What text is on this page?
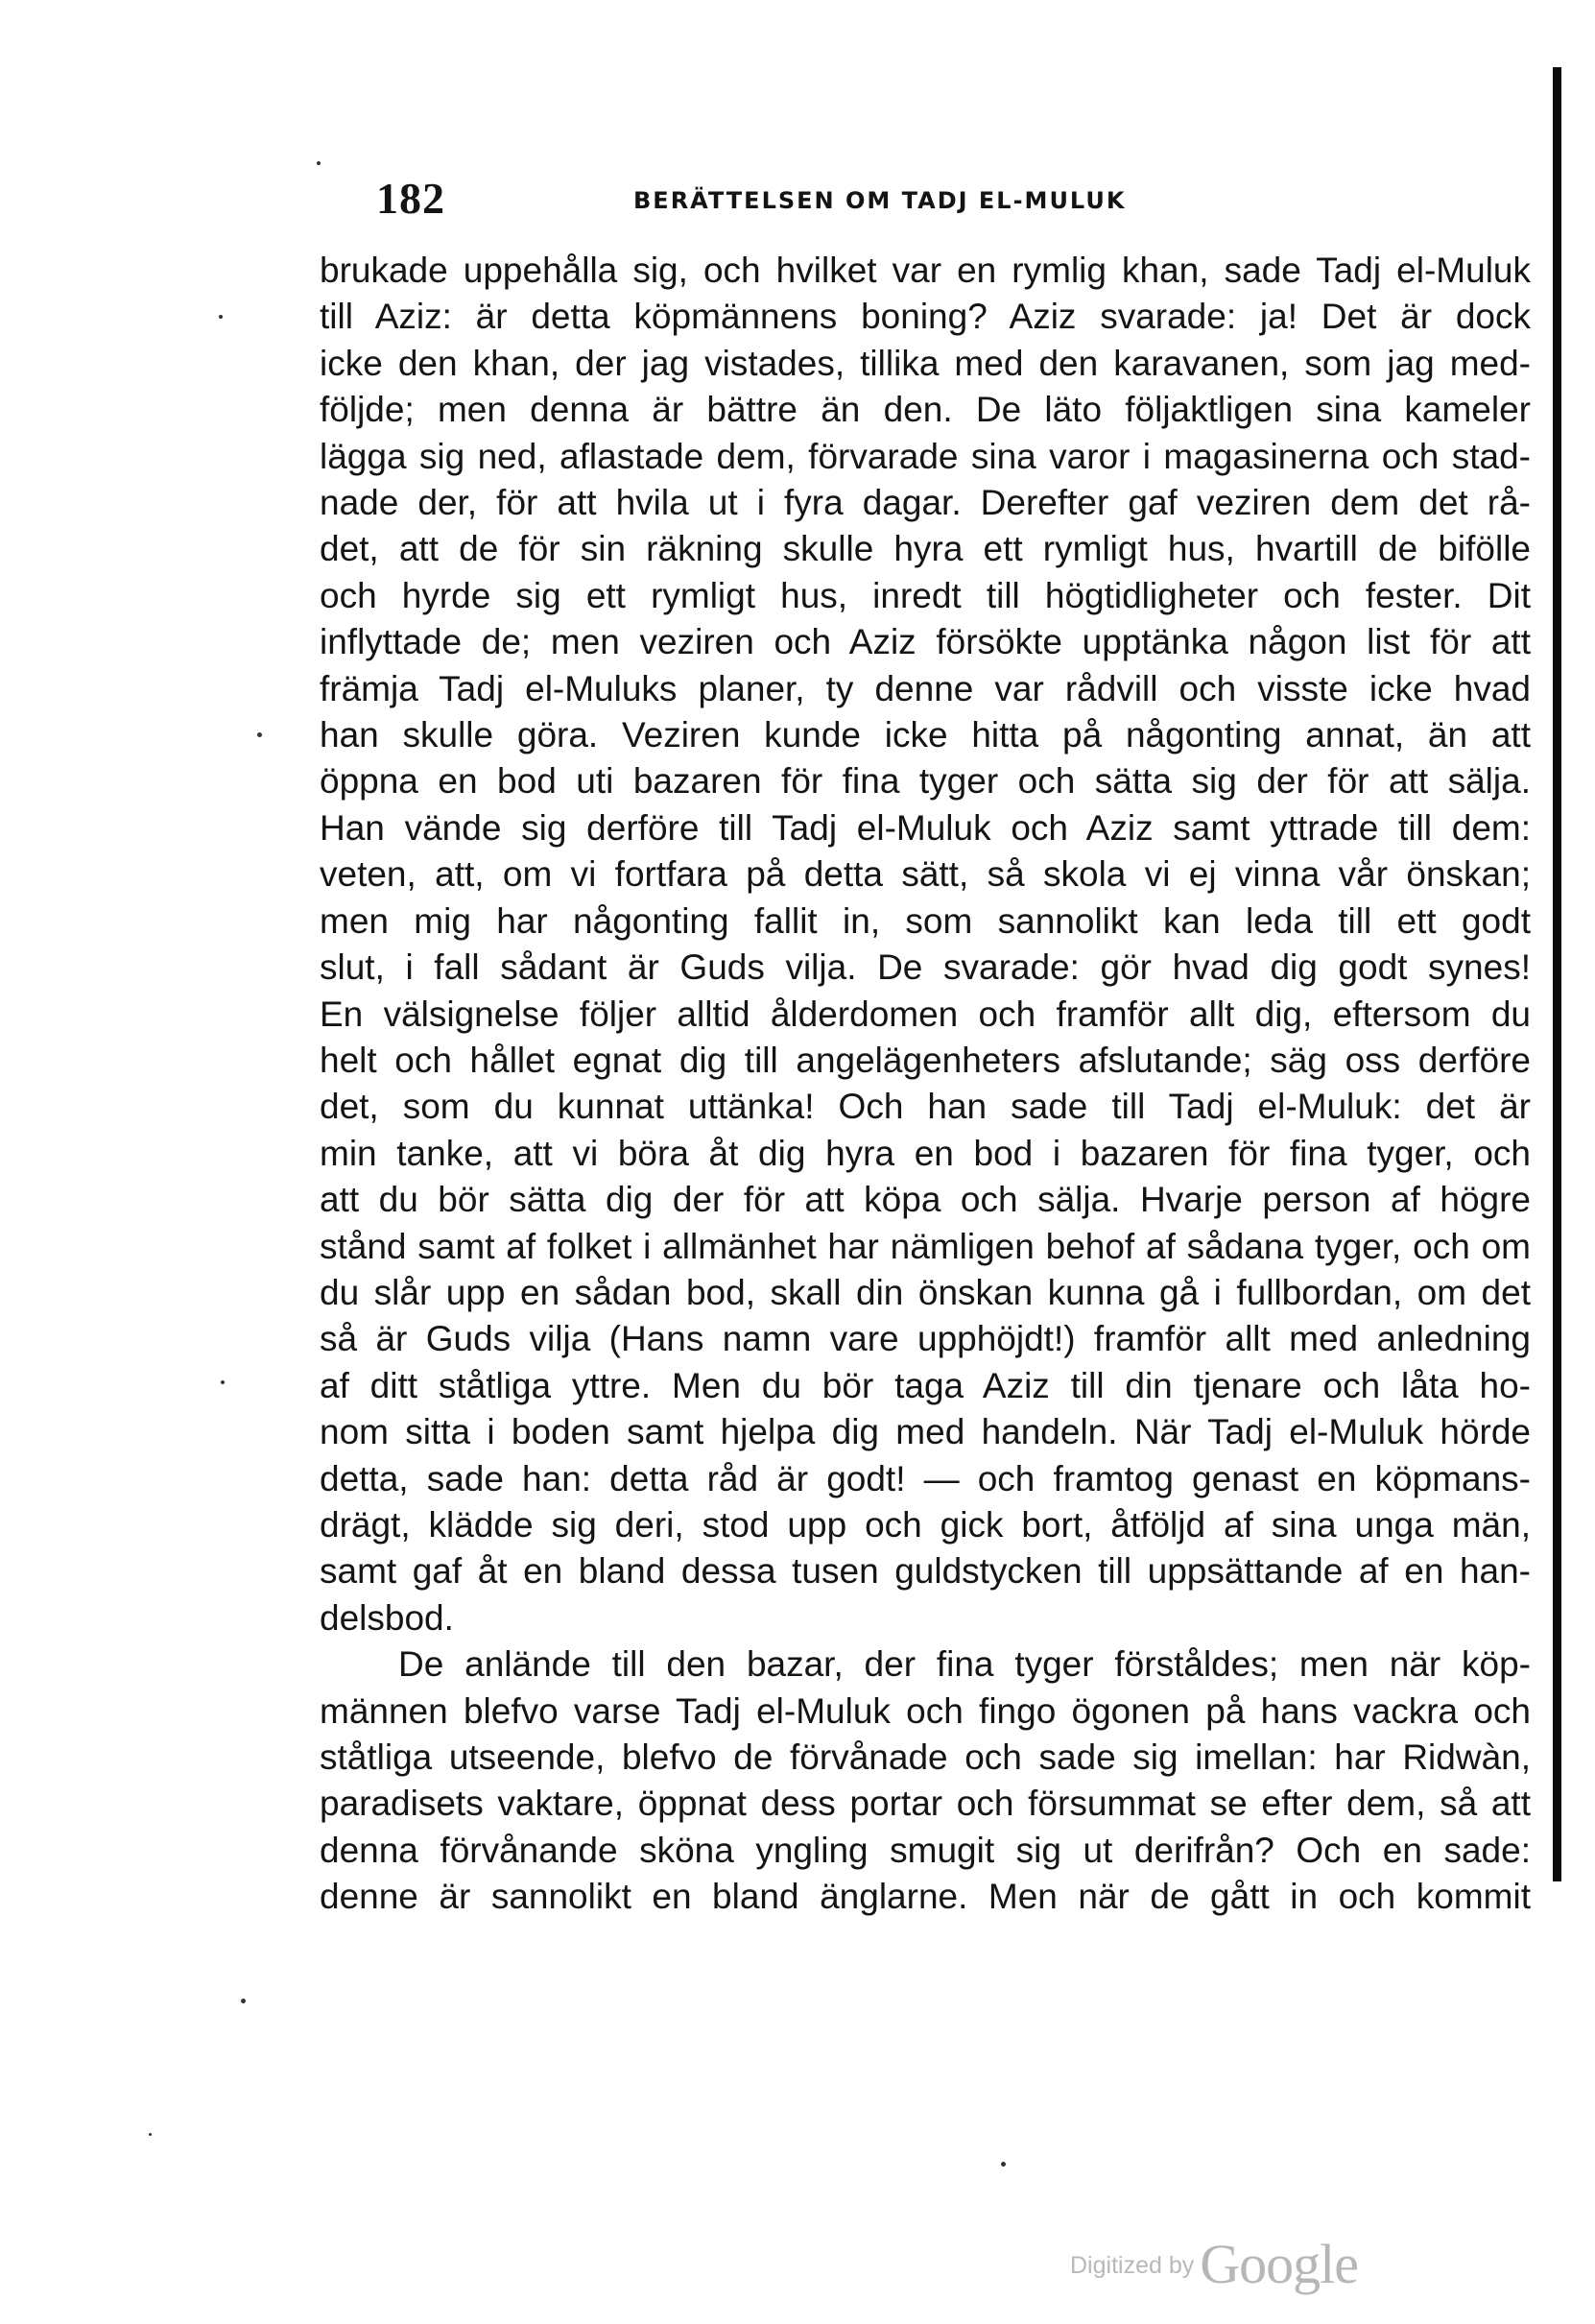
182	BERÄTTELSEN OM TADJ EL-MULUK
brukade uppehålla sig, och hvilket var en rymlig khan, sade Tadj el-Muluk
till Aziz: är detta köpmännens boning? Aziz svarade: ja! Det är dock
icke den khan, der jag vistades, tillika med den karavanen, som jag med-
följde; men denna är bättre än den. De läto följaktligen sina kameler
lägga sig ned, aflastade dem, förvarade sina varor i magasinerna och stad-
nade der, för att hvila ut i fyra dagar. Derefter gaf veziren dem det rå-
det, att de för sin räkning skulle hyra ett rymligt hus, hvartill de bifölle
och hyrde sig ett rymligt hus, inredt till högtidligheter och fester. Dit
inflyttade de; men veziren och Aziz försökte upptänka någon list för att
främja Tadj el-Muluks planer, ty denne var rådvill och visste icke hvad
han skulle göra. Veziren kunde icke hitta på någonting annat, än att
öppna en bod uti bazaren för fina tyger och sätta sig der för att sälja.
Han vände sig derföre till Tadj el-Muluk och Aziz samt yttrade till dem:
veten, att, om vi fortfara på detta sätt, så skola vi ej vinna vår önskan;
men mig har någonting fallit in, som sannolikt kan leda till ett godt
slut, i fall sådant är Guds vilja. De svarade: gör hvad dig godt synes!
En välsignelse följer alltid ålderdomen och framför allt dig, eftersom du
helt och hållet egnat dig till angelägenheters afslutande; säg oss derföre
det, som du kunnat uttänka! Och han sade till Tadj el-Muluk: det är
min tanke, att vi böra åt dig hyra en bod i bazaren för fina tyger, och
att du bör sätta dig der för att köpa och sälja. Hvarje person af högre
stånd samt af folket i allmänhet har nämligen behof af sådana tyger, och om
du slår upp en sådan bod, skall din önskan kunna gå i fullbordan, om det
så är Guds vilja (Hans namn vare upphöjdt!) framför allt med anledning
af ditt ståtliga yttre. Men du bör taga Aziz till din tjenare och låta ho-
nom sitta i boden samt hjelpa dig med handeln. När Tadj el-Muluk hörde
detta, sade han: detta råd är godt! — och framtog genast en köpmans-
drägt, klädde sig deri, stod upp och gick bort, åtföljd af sina unga män,
samt gaf åt en bland dessa tusen guldstycken till uppsättande af en han-
delsbod.
De anlände till den bazar, der fina tyger förståldes; men när köp-
männen blefvo varse Tadj el-Muluk och fingo ögonen på hans vackra och
ståtliga utseende, blefvo de förvånade och sade sig imellan: har Ridwàn,
paradisets vaktare, öppnat dess portar och försummat se efter dem, så att
denna förvånande sköna yngling smugit sig ut derifrån? Och en sade:
denne är sannolikt en bland änglarne. Men när de gått in och kommit
Digitized by Google
